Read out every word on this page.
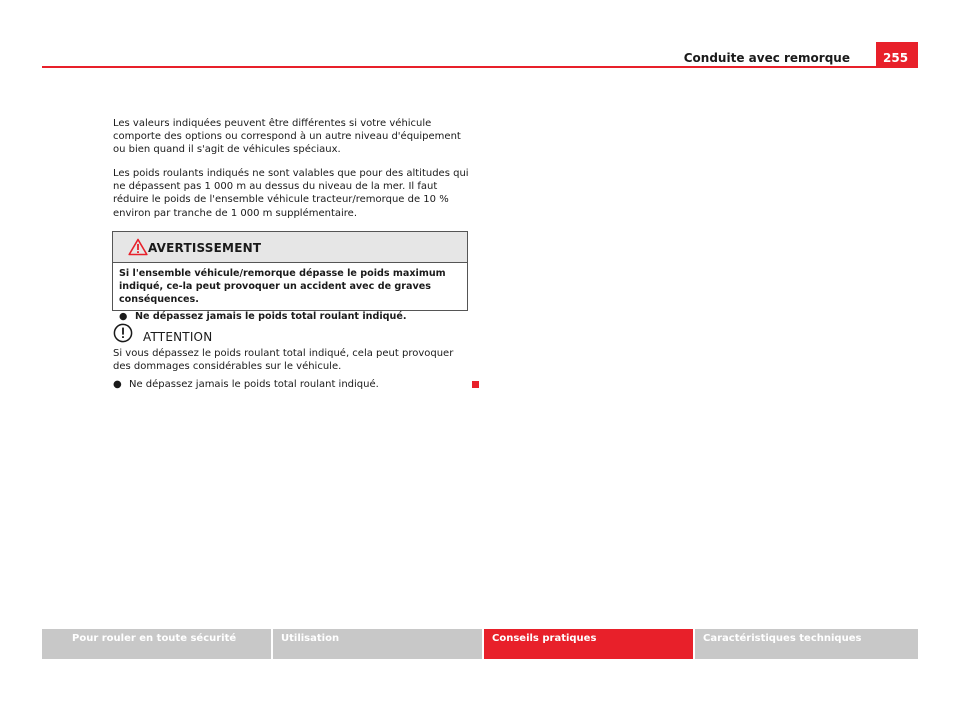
Conduite avec remorque	255

Les valeurs indiquées peuvent être différentes si votre véhicule comporte des options ou correspond à un autre niveau d'équipement ou bien quand il s'agit de véhicules spéciaux.

Les poids roulants indiqués ne sont valables que pour des altitudes qui ne dépassent pas 1 000 m au dessus du niveau de la mer. Il faut réduire le poids de l'ensemble véhicule tracteur/remorque de 10 % environ par tranche de 1 000 m supplémentaire.

AVERTISSEMENT

Si l'ensemble véhicule/remorque dépasse le poids maximum indiqué, ce-la peut provoquer un accident avec de graves conséquences.

● Ne dépassez jamais le poids total roulant indiqué.

ATTENTION

Si vous dépassez le poids roulant total indiqué, cela peut provoquer des dommages considérables sur le véhicule.

● Ne dépassez jamais le poids total roulant indiqué.

Pour rouler en toute sécurité	Utilisation	Conseils pratiques	Caractéristiques techniques
